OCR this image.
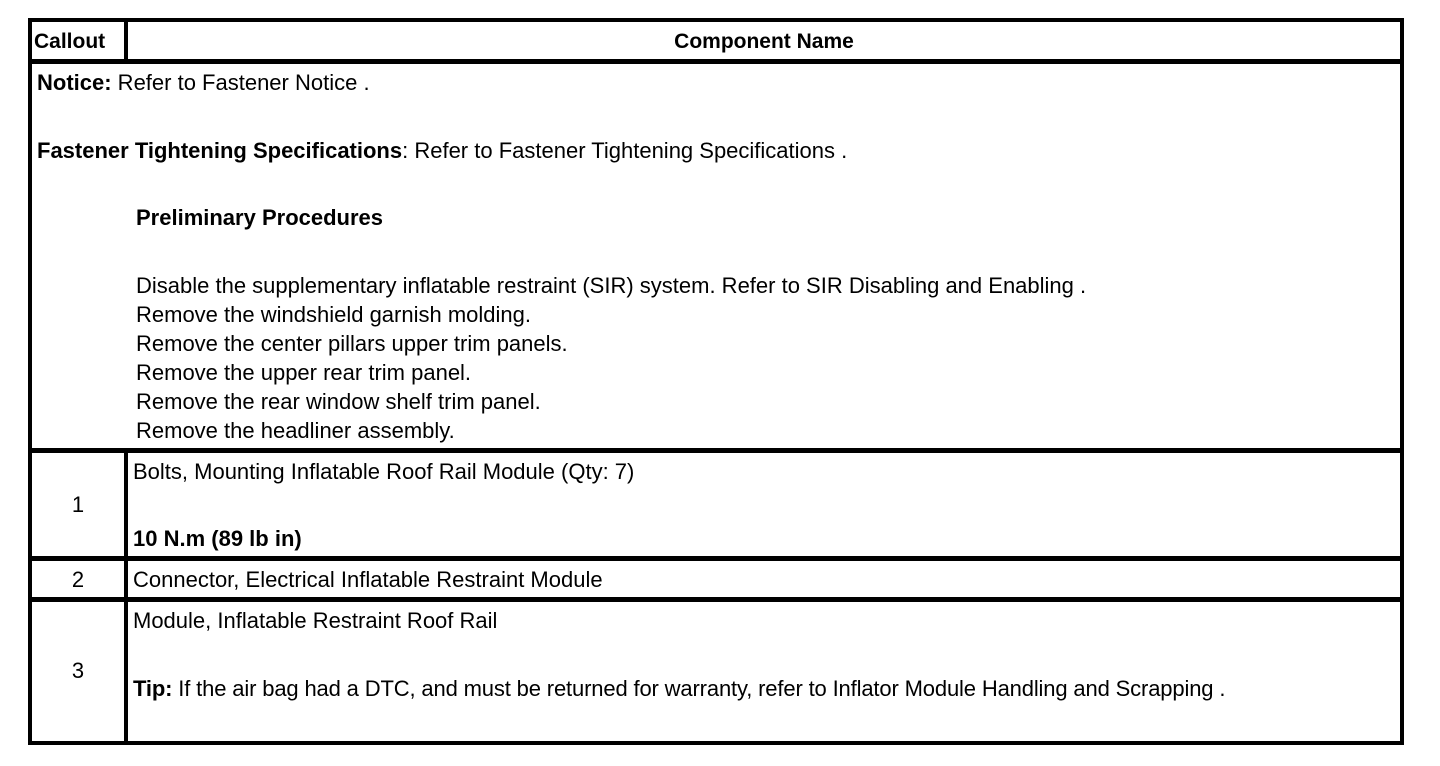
Callout	Component Name
Notice: Refer to Fastener Notice .
Fastener Tightening Specifications: Refer to Fastener Tightening Specifications .
Preliminary Procedures
Disable the supplementary inflatable restraint (SIR) system. Refer to SIR Disabling and Enabling .
Remove the windshield garnish molding.
Remove the center pillars upper trim panels.
Remove the upper rear trim panel.
Remove the rear window shelf trim panel.
Remove the headliner assembly.
1
Bolts, Mounting Inflatable Roof Rail Module (Qty: 7)
10 N.m (89 lb in)
2	Connector, Electrical Inflatable Restraint Module
3
Module, Inflatable Restraint Roof Rail
Tip: If the air bag had a DTC, and must be returned for warranty, refer to Inflator Module Handling and Scrapping .
